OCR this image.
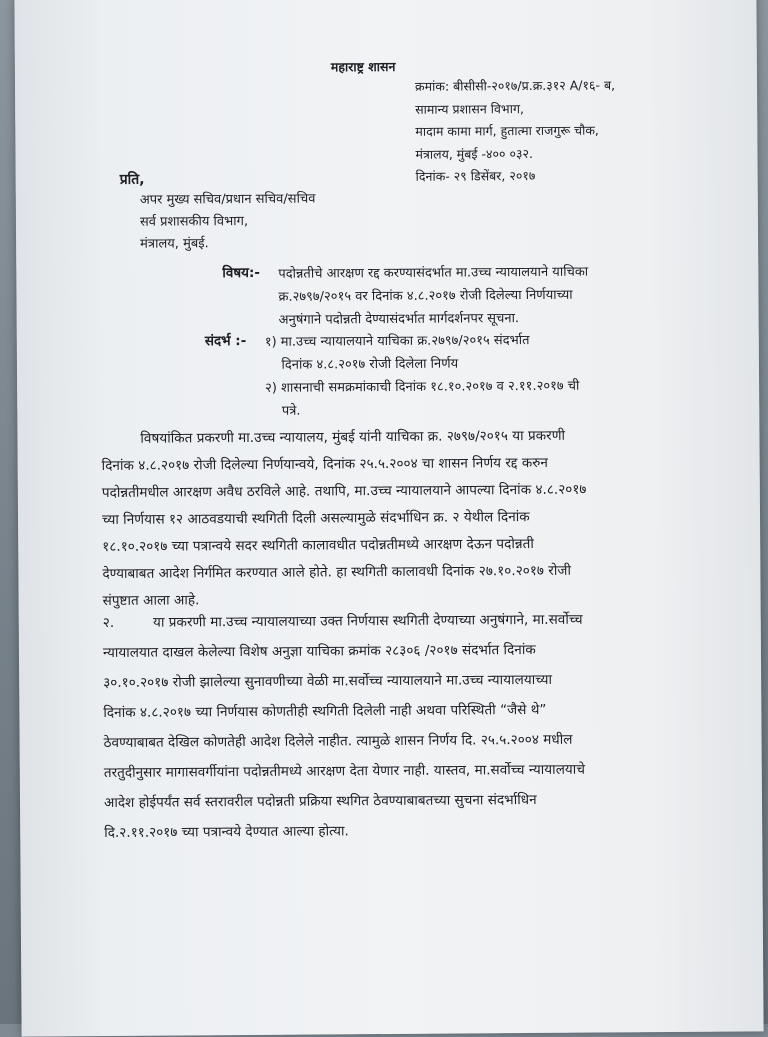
महाराष्ट्र शासन
क्रमांक: बीसीसी-२०१७/प्र.क्र.३१२ A/१६- ब,
सामान्य प्रशासन विभाग,
मादाम कामा मार्ग, हुतात्मा राजगुरू चौक,
मंत्रालय, मुंबई -४०० ०३२.
दिनांक- २९ डिसेंबर, २०१७
प्रति,
अपर मुख्य सचिव/प्रधान सचिव/सचिव
सर्व प्रशासकीय विभाग,
मंत्रालय, मुंबई.
विषय:- पदोन्नतीचे आरक्षण रद्द करण्यासंदर्भात मा.उच्च न्यायालयाने याचिका
क्र.२७९७/२०१५ वर दिनांक ४.८.२०१७ रोजी दिलेल्या निर्णयाच्या
अनुषंगाने पदोन्नती देण्यासंदर्भात मार्गदर्शनपर सूचना.
संदर्भ :- १) मा.उच्च न्यायालयाने याचिका क्र.२७९७/२०१५ संदर्भात
दिनांक ४.८.२०१७ रोजी दिलेला निर्णय
२) शासनाची समक्रमांकाची दिनांक १८.१०.२०१७ व २.११.२०१७ ची
पत्रे.
विषयांकित प्रकरणी मा.उच्च न्यायालय, मुंबई यांनी याचिका क्र. २७९७/२०१५ या प्रकरणी
दिनांक ४.८.२०१७ रोजी दिलेल्या निर्णयान्वये, दिनांक २५.५.२००४ चा शासन निर्णय रद्द करुन
पदोन्नतीमधील आरक्षण अवैध ठरविले आहे. तथापि, मा.उच्च न्यायालयाने आपल्या दिनांक ४.८.२०१७
च्या निर्णयास १२ आठवडयाची स्थगिती दिली असल्यामुळे संदर्भाधिन क्र. २ येथील दिनांक
१८.१०.२०१७ च्या पत्रान्वये सदर स्थगिती कालावधीत पदोन्नतीमध्ये आरक्षण देऊन पदोन्नती
देण्याबाबत आदेश निर्गमित करण्यात आले होते. हा स्थगिती कालावधी दिनांक २७.१०.२०१७ रोजी
संपुष्टात आला आहे.
२.         या प्रकरणी मा.उच्च न्यायालयाच्या उक्त निर्णयास स्थगिती देण्याच्या अनुषंगाने, मा.सर्वोच्च
न्यायालयात दाखल केलेल्या विशेष अनुज्ञा याचिका क्रमांक २८३०६ /२०१७ संदर्भात दिनांक
३०.१०.२०१७ रोजी झालेल्या सुनावणीच्या वेळी मा.सर्वोच्च न्यायालयाने मा.उच्च न्यायालयाच्या
दिनांक ४.८.२०१७ च्या निर्णयास कोणतीही स्थगिती दिलेली नाही अथवा परिस्थिती “जैसे थे”
ठेवण्याबाबत देखिल कोणतेही आदेश दिलेले नाहीत. त्यामुळे शासन निर्णय दि. २५.५.२००४ मधील
तरतुदीनुसार मागासवर्गीयांना पदोन्नतीमध्ये आरक्षण देता येणार नाही. यास्तव, मा.सर्वोच्च न्यायालयाचे
आदेश होईपर्यंत सर्व स्तरावरील पदोन्नती प्रक्रिया स्थगित ठेवण्याबाबतच्या सुचना संदर्भाधिन
दि.२.११.२०१७ च्या पत्रान्वये देण्यात आल्या होत्या.
